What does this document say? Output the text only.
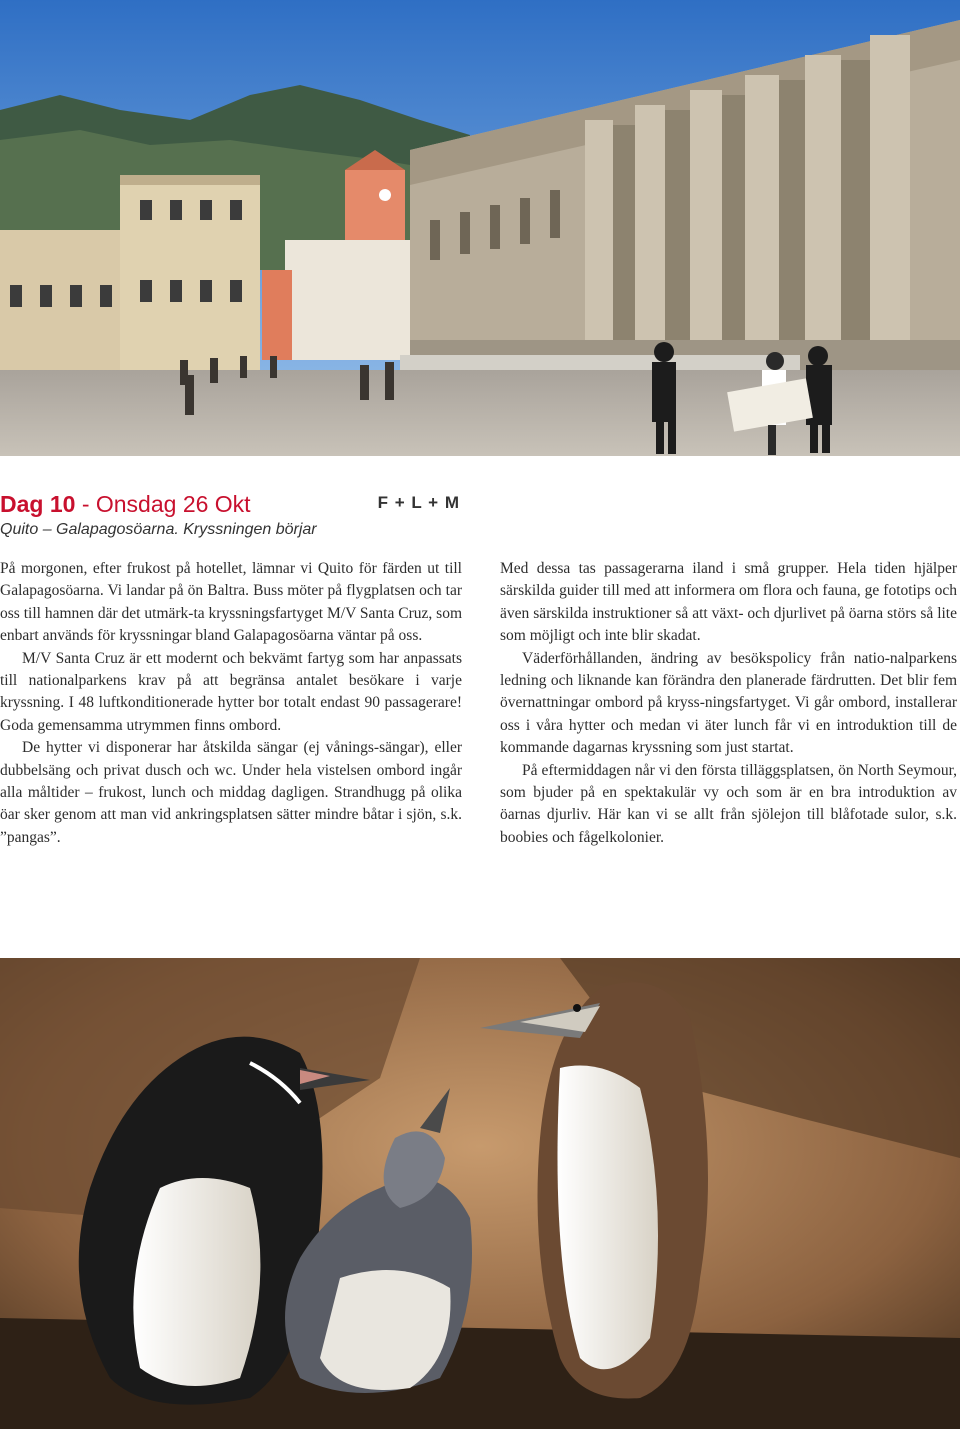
Dag 10 - Onsdag 26 Okt	F + L + M
Quito – Galapagosöarna. Kryssningen börjar

På morgonen, efter frukost på hotellet, lämnar vi Quito för färden ut till Galapagosöarna. Vi landar på ön Baltra. Buss möter på flygplatsen och tar oss till hamnen där det utmärk-ta kryssningsfartyget M/V Santa Cruz, som enbart används för kryssningar bland Galapagosöarna väntar på oss.

M/V Santa Cruz är ett modernt och bekvämt fartyg som har anpassats till nationalparkens krav på att begränsa antalet besökare i varje kryssning. I 48 luftkonditionerade hytter bor totalt endast 90 passagerare! Goda gemensamma utrymmen finns ombord.

De hytter vi disponerar har åtskilda sängar (ej vånings-sängar), eller dubbelsäng och privat dusch och wc. Under hela vistelsen ombord ingår alla måltider – frukost, lunch och middag dagligen. Strandhugg på olika öar sker genom att man vid ankringsplatsen sätter mindre båtar i sjön, s.k. ”pangas”.

Med dessa tas passagerarna iland i små grupper. Hela tiden hjälper särskilda guider till med att informera om flora och fauna, ge fototips och även särskilda instruktioner så att växt- och djurlivet på öarna störs så lite som möjligt och inte blir skadat.

Väderförhållanden, ändring av besökspolicy från natio-nalparkens ledning och liknande kan förändra den planerade färdrutten. Det blir fem övernattningar ombord på kryss-ningsfartyget. Vi går ombord, installerar oss i våra hytter och medan vi äter lunch får vi en introduktion till de kommande dagarnas kryssning som just startat.

På eftermiddagen når vi den första tilläggsplatsen, ön North Seymour, som bjuder på en spektakulär vy och som är en bra introduktion av öarnas djurliv. Här kan vi se allt från sjölejon till blåfotade sulor, s.k. boobies och fågelkolonier.
